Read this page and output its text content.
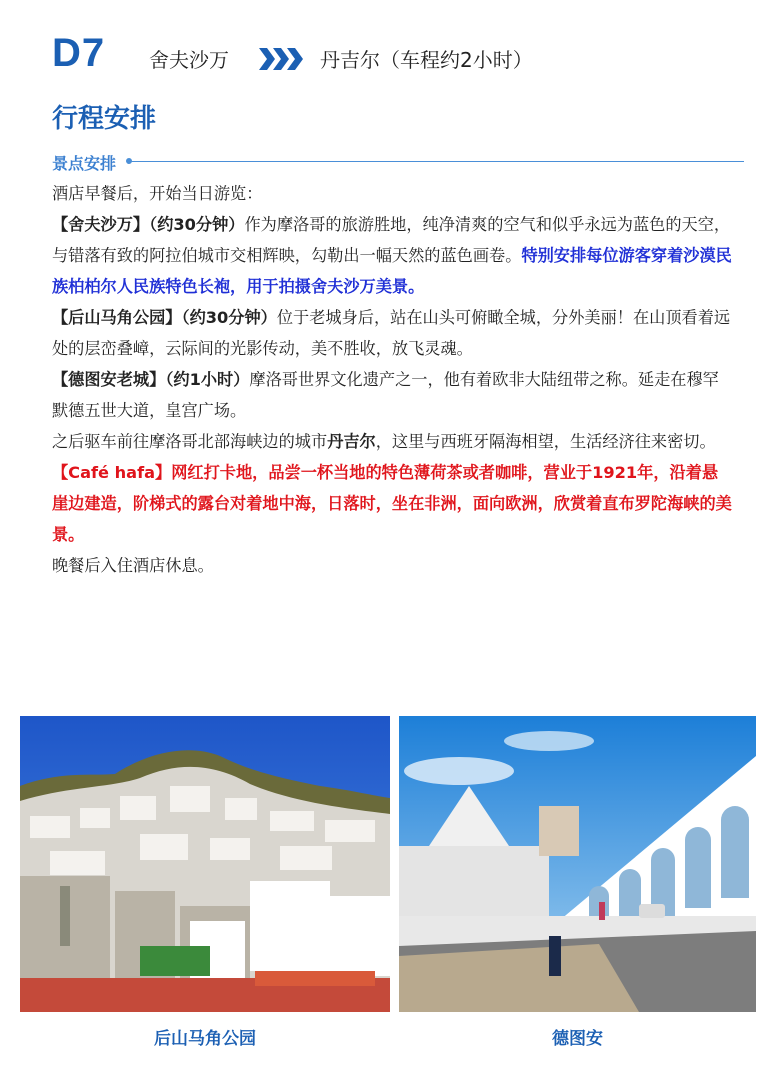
D7 舍夫沙万	丹吉尔（车程约2小时）
行程安排
景点安排

酒店早餐后，开始当日游览：

【舍夫沙万】（约30分钟）作为摩洛哥的旅游胜地，纯净清爽的空气和似乎永远为蓝色的天空，与错落有致的阿拉伯城市交相辉映，勾勒出一幅天然的蓝色画卷。特别安排每位游客穿着沙漠民族柏柏尔人民族特色长袍，用于拍摄舍夫沙万美景。

【后山马角公园】（约30分钟）位于老城身后，站在山头可俯瞰全城，分外美丽！在山顶看着远处的层峦叠嶂，云际间的光影传动，美不胜收，放飞灵魂。

【德图安老城】（约1小时）摩洛哥世界文化遗产之一，他有着欧非大陆纽带之称。延走在穆罕默德五世大道，皇宫广场。

之后驱车前往摩洛哥北部海峡边的城市丹吉尔，这里与西班牙隔海相望，生活经济往来密切。

【Café hafa】网红打卡地，品尝一杯当地的特色薄荷茶或者咖啡，营业于1921年，沿着悬崖边建造，阶梯式的露台对着地中海，日落时，坐在非洲，面向欧洲，欣赏着直布罗陀海峡的美景。

晚餐后入住酒店休息。

后山马角公园	德图安
